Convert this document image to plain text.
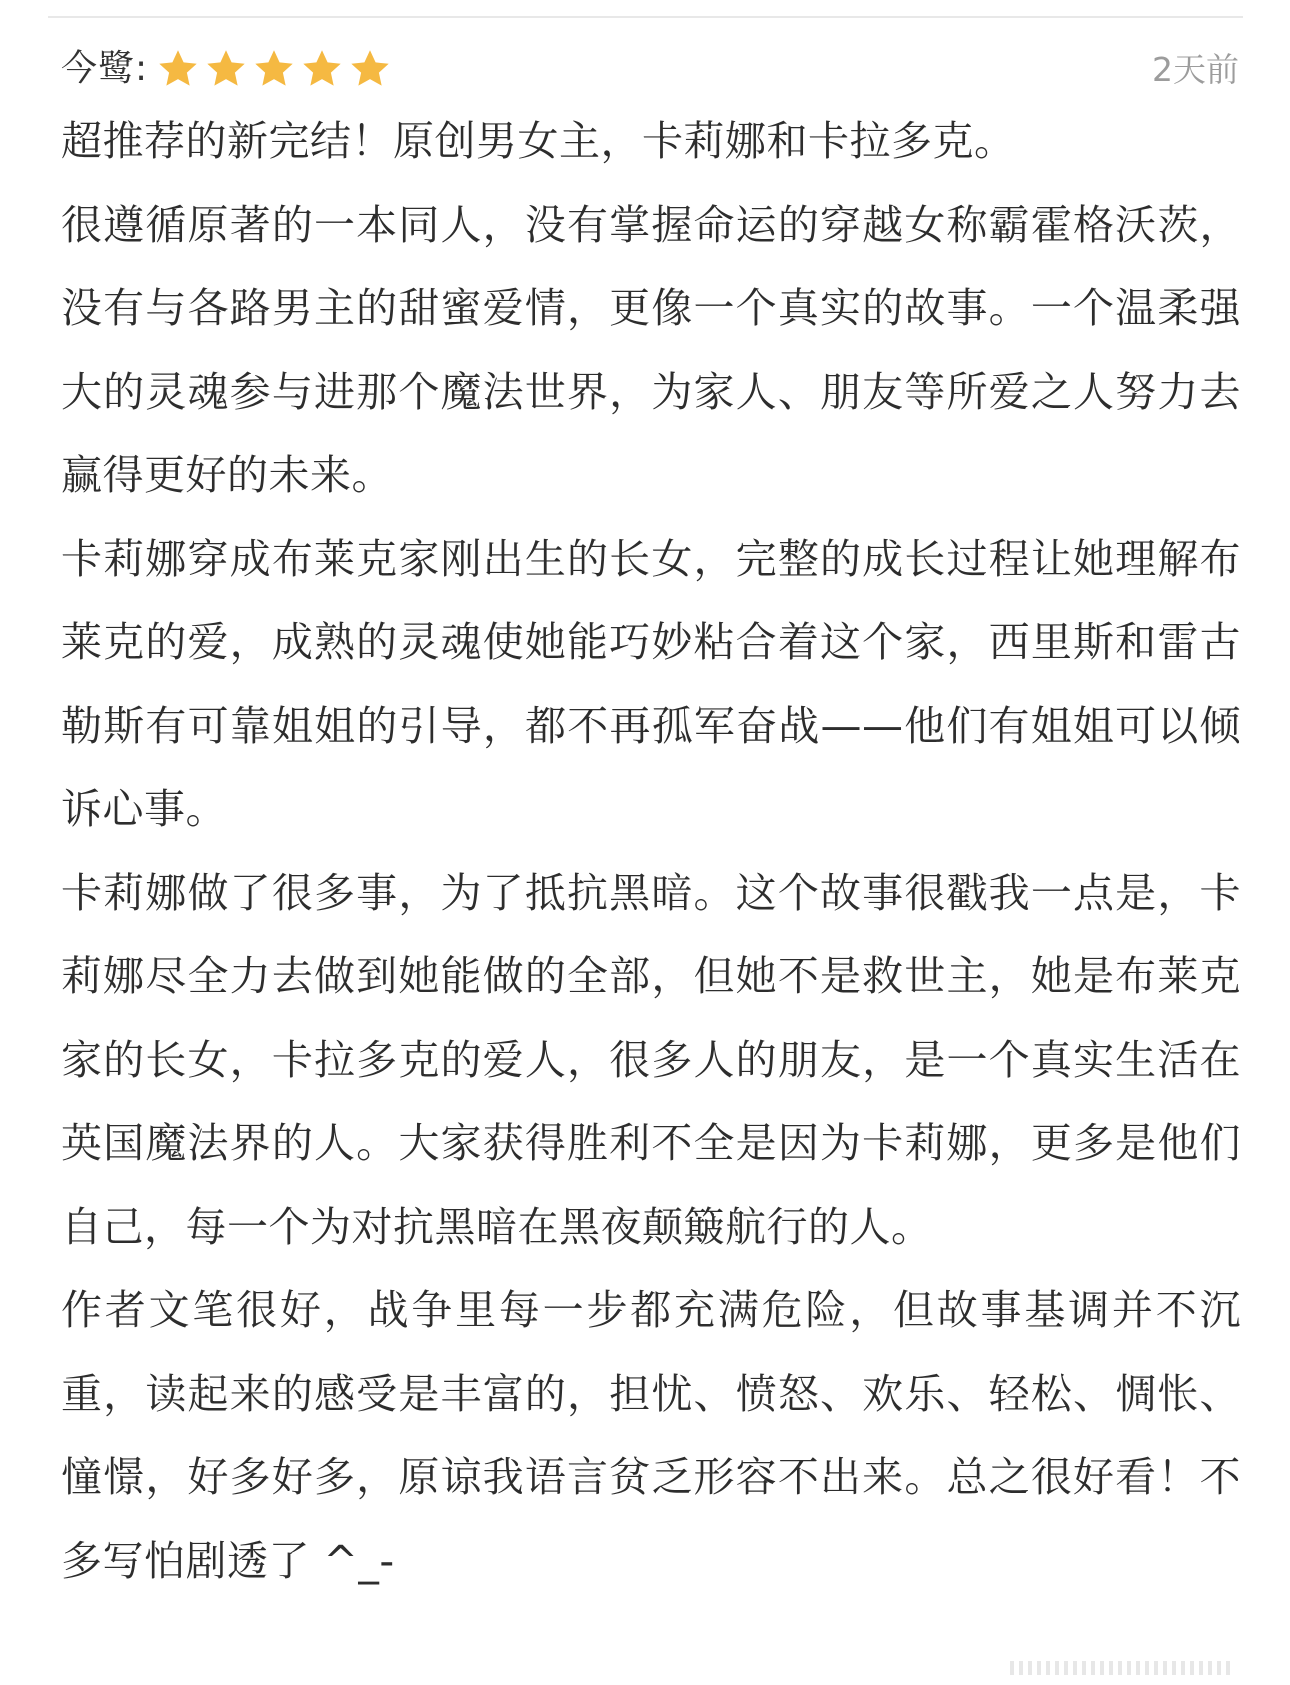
今鹭:	2天前

超推荐的新完结！原创男女主，卡莉娜和卡拉多克。

很遵循原著的一本同人，没有掌握命运的穿越女称霸霍格沃茨，没有与各路男主的甜蜜爱情，更像一个真实的故事。一个温柔强大的灵魂参与进那个魔法世界，为家人、朋友等所爱之人努力去赢得更好的未来。

卡莉娜穿成布莱克家刚出生的长女，完整的成长过程让她理解布莱克的爱，成熟的灵魂使她能巧妙粘合着这个家，西里斯和雷古勒斯有可靠姐姐的引导，都不再孤军奋战——他们有姐姐可以倾诉心事。

卡莉娜做了很多事，为了抵抗黑暗。这个故事很戳我一点是，卡莉娜尽全力去做到她能做的全部，但她不是救世主，她是布莱克家的长女，卡拉多克的爱人，很多人的朋友，是一个真实生活在英国魔法界的人。大家获得胜利不全是因为卡莉娜，更多是他们自己，每一个为对抗黑暗在黑夜颠簸航行的人。

作者文笔很好，战争里每一步都充满危险，但故事基调并不沉重，读起来的感受是丰富的，担忧、愤怒、欢乐、轻松、惆怅、憧憬，好多好多，原谅我语言贫乏形容不出来。总之很好看！不多写怕剧透了 ^_-
